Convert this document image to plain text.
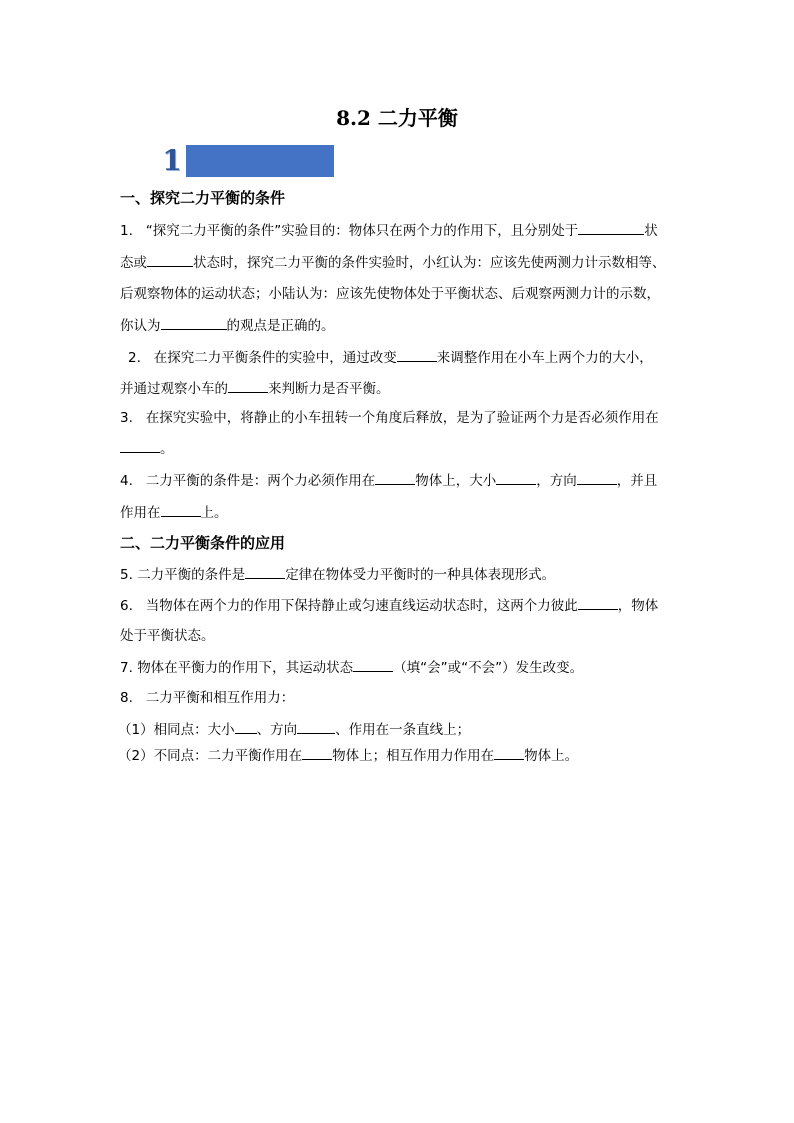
8.2 二力平衡
1
一、探究二力平衡的条件
1. “探究二力平衡的条件”实验目的：物体只在两个力的作用下，且分别处于	状
态或	状态时，探究二力平衡的条件实验时，小红认为：应该先使两测力计示数相等、
后观察物体的运动状态；小陆认为：应该先使物体处于平衡状态、后观察两测力计的示数，
你认为	的观点是正确的。
2. 在探究二力平衡条件的实验中，通过改变	来调整作用在小车上两个力的大小，
并通过观察小车的	来判断力是否平衡。
3. 在探究实验中，将静止的小车扭转一个角度后释放，是为了验证两个力是否必须作用在
。
4. 二力平衡的条件是：两个力必须作用在	物体上，大小	，方向	，并且
作用在	上。
二、二力平衡条件的应用
5. 二力平衡的条件是	定律在物体受力平衡时的一种具体表现形式。
6. 当物体在两个力的作用下保持静止或匀速直线运动状态时，这两个力彼此	，物体
处于平衡状态。
7. 物体在平衡力的作用下，其运动状态	（填“会”或“不会”）发生改变。
8. 二力平衡和相互作用力：
（1）相同点：大小 、方向	、作用在一条直线上；
（2）不同点：二力平衡作用在 物体上；相互作用力作用在 物体上。
